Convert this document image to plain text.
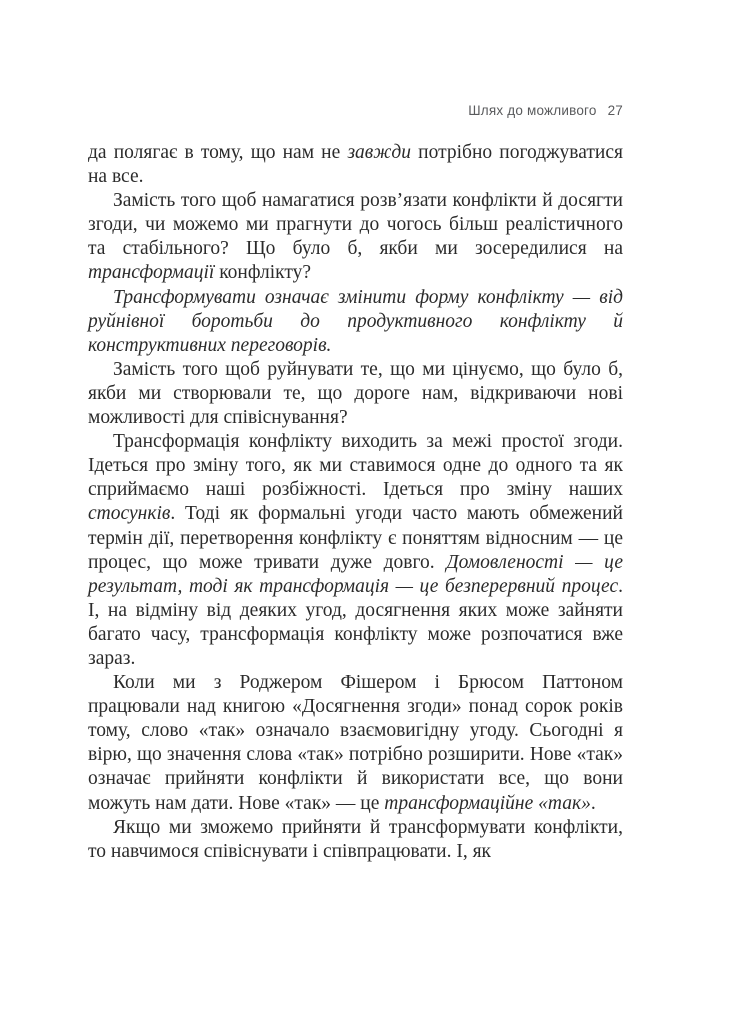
Шлях до можливого 27

да полягає в тому, що нам не завжди потрібно погоджуватися на все.

Замість того щоб намагатися розв’язати конфлікти й досягти згоди, чи можемо ми прагнути до чогось більш реалістичного та стабільного? Що було б, якби ми зосередилися на трансформації конфлікту?

Трансформувати означає змінити форму конфлікту — від руйнівної боротьби до продуктивного конфлікту й конструктивних переговорів.

Замість того щоб руйнувати те, що ми цінуємо, що було б, якби ми створювали те, що дороге нам, відкриваючи нові можливості для співіснування?

Трансформація конфлікту виходить за межі простої згоди. Ідеться про зміну того, як ми ставимося одне до одного та як сприймаємо наші розбіжності. Ідеться про зміну наших стосунків. Тоді як формальні угоди часто мають обмежений термін дії, перетворення конфлікту є поняттям відносним — це процес, що може тривати дуже довго. Домовленості — це результат, тоді як трансформація — це безперервний процес. І, на відміну від деяких угод, досягнення яких може зайняти багато часу, трансформація конфлікту може розпочатися вже зараз.

Коли ми з Роджером Фішером і Брюсом Паттоном працювали над книгою «Досягнення згоди» понад сорок років тому, слово «так» означало взаємовигідну угоду. Сьогодні я вірю, що значення слова «так» потрібно розширити. Нове «так» означає прийняти конфлікти й використати все, що вони можуть нам дати. Нове «так» — це трансформаційне «так».

Якщо ми зможемо прийняти й трансформувати конфлікти, то навчимося співіснувати і співпрацювати. І, як
